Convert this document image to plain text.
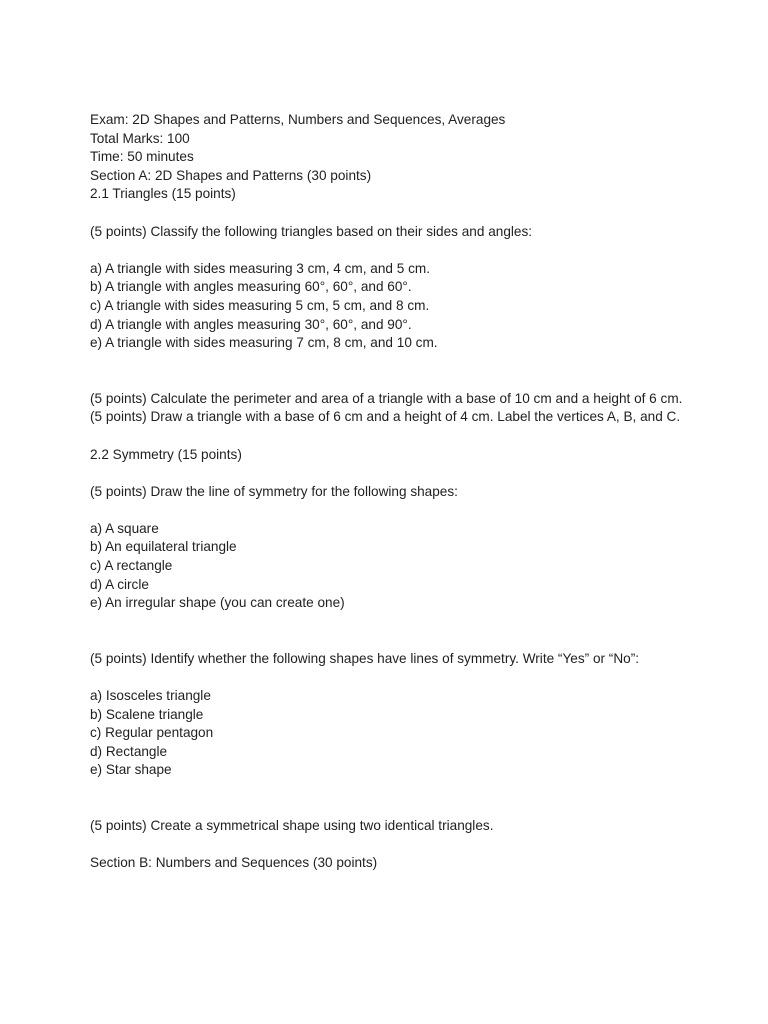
Exam: 2D Shapes and Patterns, Numbers and Sequences, Averages
Total Marks: 100
Time: 50 minutes
Section A: 2D Shapes and Patterns (30 points)
2.1 Triangles (15 points)
(5 points) Classify the following triangles based on their sides and angles:
a) A triangle with sides measuring 3 cm, 4 cm, and 5 cm.
b) A triangle with angles measuring 60°, 60°, and 60°.
c) A triangle with sides measuring 5 cm, 5 cm, and 8 cm.
d) A triangle with angles measuring 30°, 60°, and 90°.
e) A triangle with sides measuring 7 cm, 8 cm, and 10 cm.
(5 points) Calculate the perimeter and area of a triangle with a base of 10 cm and a height of 6 cm.
(5 points) Draw a triangle with a base of 6 cm and a height of 4 cm. Label the vertices A, B, and C.
2.2 Symmetry (15 points)
(5 points) Draw the line of symmetry for the following shapes:
a) A square
b) An equilateral triangle
c) A rectangle
d) A circle
e) An irregular shape (you can create one)
(5 points) Identify whether the following shapes have lines of symmetry. Write “Yes” or “No”:
a) Isosceles triangle
b) Scalene triangle
c) Regular pentagon
d) Rectangle
e) Star shape
(5 points) Create a symmetrical shape using two identical triangles.
Section B: Numbers and Sequences (30 points)
